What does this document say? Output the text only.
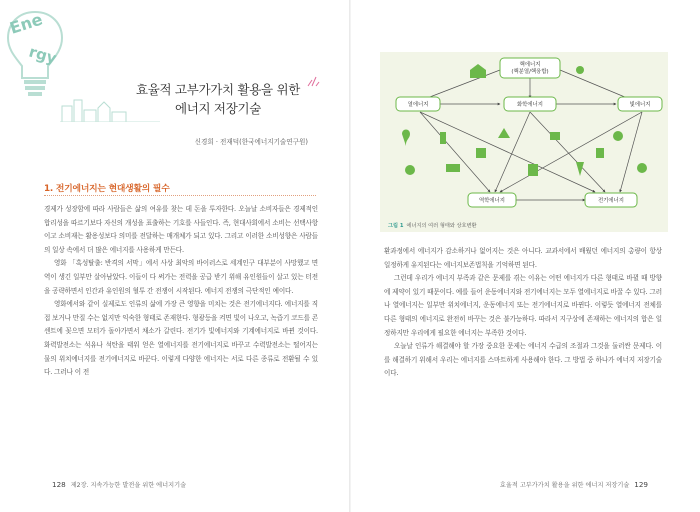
Ene
rgy
효율적 고부가가치 활용을 위한
에너지 저장기술
신경희 · 전재덕(한국에너지기술연구원)
1. 전기에너지는 현대생활의 필수

경제가 성장함에 따라 사람들은 삶의 여유를 찾는 데 돈을 투자한다. 오늘날 소비자들은 경제적인 합리성을 따르기보다 자신의 개성을 표출하는 기호를 사들인다. 즉, 현대사회에서 소비는 선택사항이고 소비재는 활용성보다 의미를 전달하는 매개체가 되고 있다. 그리고 이러한 소비성향은 사람들의 일상 속에서 더 많은 에너지를 사용하게 만든다.

영화 「혹성탈출: 반격의 서막」에서 사상 최악의 바이러스로 세계인구 대부분이 사망했고 면역이 생긴 일부만 살아남았다. 이들이 다 써가는 전력을 공급 받기 위해 유인원들이 살고 있는 터전을 공략하면서 인간과 유인원의 혈투 간 전쟁이 시작된다. 에너지 전쟁의 극단적인 예이다.

영화에서와 같이 실제로도 인류의 삶에 가장 큰 영향을 미치는 것은 전기에너지다. 에너지를 직접 보거나 만질 수는 없지만 익숙한 형태로 존재한다. 형광등을 켜면 빛이 나오고, 녹즙기 코드를 콘센트에 꽂으면 모터가 돌아가면서 채소가 갈린다. 전기가 빛에너지와 기계에너지로 바뀐 것이다. 화력발전소는 석유나 석탄을 태워 얻은 열에너지를 전기에너지로 바꾸고 수력발전소는 떨어지는 물의 위치에너지를 전기에너지로 바꾼다. 이렇게 다양한 에너지는 서로 다른 종류로 전환될 수 있다. 그러나 이 전

128 제2장. 지속가능한 발전을 위한 에너지기술
핵에너지 (핵분열/핵융합)
열에너지	화학에너지	빛에너지
역학에너지	전기에너지
그림 1 에너지의 여러 형태와 상호변환

환과정에서 에너지가 감소하거나 없어지는 것은 아니다. 교과서에서 배웠던 에너지의 총량이 항상 일정하게 유지된다는 에너지보존법칙을 기억하면 된다.

그런데 우리가 에너지 부족과 같은 문제를 겪는 이유는 어떤 에너지가 다른 형태로 바뀔 때 방향에 제약이 있기 때문이다. 예를 들어 운동에너지와 전기에너지는 모두 열에너지로 바꿀 수 있다. 그러나 열에너지는 일부만 위치에너지, 운동에너지 또는 전기에너지로 바뀐다. 이렇듯 열에너지 전체를 다른 형태의 에너지로 완전히 바꾸는 것은 불가능하다. 따라서 지구상에 존재하는 에너지의 합은 일정하지만 우리에게 필요한 에너지는 부족한 것이다.

오늘날 인류가 해결해야 할 가장 중요한 문제는 에너지 수급의 조절과 그것을 둘러싼 문제다. 이를 해결하기 위해서 우리는 에너지를 스마트하게 사용해야 한다. 그 방법 중 하나가 에너지 저장기술이다.

효율적 고부가가치 활용을 위한 에너지 저장기술 129
